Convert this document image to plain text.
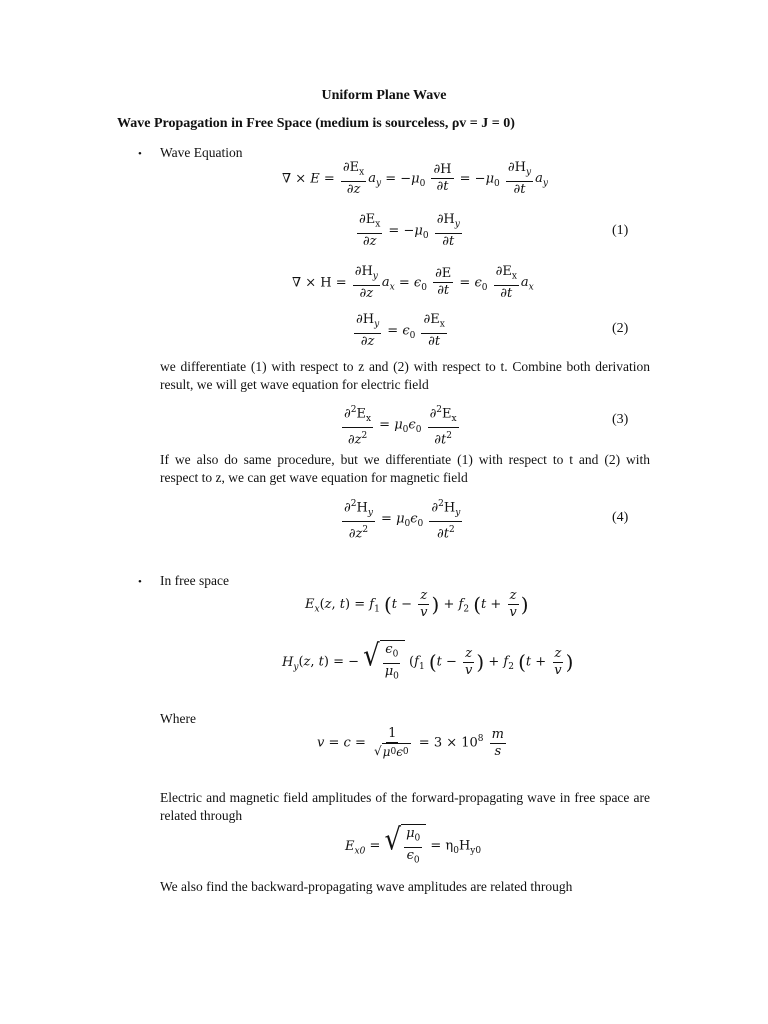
Uniform Plane Wave
Wave Propagation in Free Space (medium is sourceless, ρv = J = 0)
• Wave Equation
∇ × $E = \frac{\partial E_x}{\partial z} a_y = -\mu_0 \frac{\partial H}{\partial t} = -\mu_0 \frac{\partial H_y}{\partial t} a_y$
$\frac{\partial E_x}{\partial z} = -\mu_0 \frac{\partial H_y}{\partial t}$	(1)
∇ × $H = \frac{\partial H_y}{\partial z} a_x = \epsilon_0 \frac{\partial E}{\partial t} = \epsilon_0 \frac{\partial E_x}{\partial t} a_x$
$\frac{\partial H_y}{\partial z} = \epsilon_0 \frac{\partial E_x}{\partial t}$	(2)
we differentiate (1) with respect to z and (2) with respect to t. Combine both derivation result, we will get wave equation for electric field
$\frac{\partial^2E_x}{\partial z^2} = \mu_0\epsilon_0 \frac{\partial^2E_x}{\partial t^2}$	(3)
If we also do same procedure, but we differentiate (1) with respect to t and (2) with respect to z, we can get wave equation for magnetic field
$\frac{\partial^2H_y}{\partial z^2} = \mu_0\epsilon_0 \frac{\partial^2H_y}{\partial t^2}$	(4)
• In free space
$E_x(z$, $t) = f_1$ ($t - \frac{z}{v}$ ) + $f_2$ ($t + \frac{z}{v}$ )
$H_y(z$, t) = − √ $\frac{\epsilon_0}{\mu_0} (f_1$ ($t - \frac{z}{v}$ ) + $f_2$ ($t + \frac{z}{v}$ )
Where
$v = c = \frac{1}{√ \mu 0 \epsilon 0} = 3 \times 10^8 \frac{m}{s}$
Electric and magnetic field amplitudes of the forward-propagating wave in free space are related through
$E_{x0}$ = √ $\frac{\mu_0}{\epsilon_0} = \eta_0H_{y0}$
We also find the backward-propagating wave amplitudes are related through
